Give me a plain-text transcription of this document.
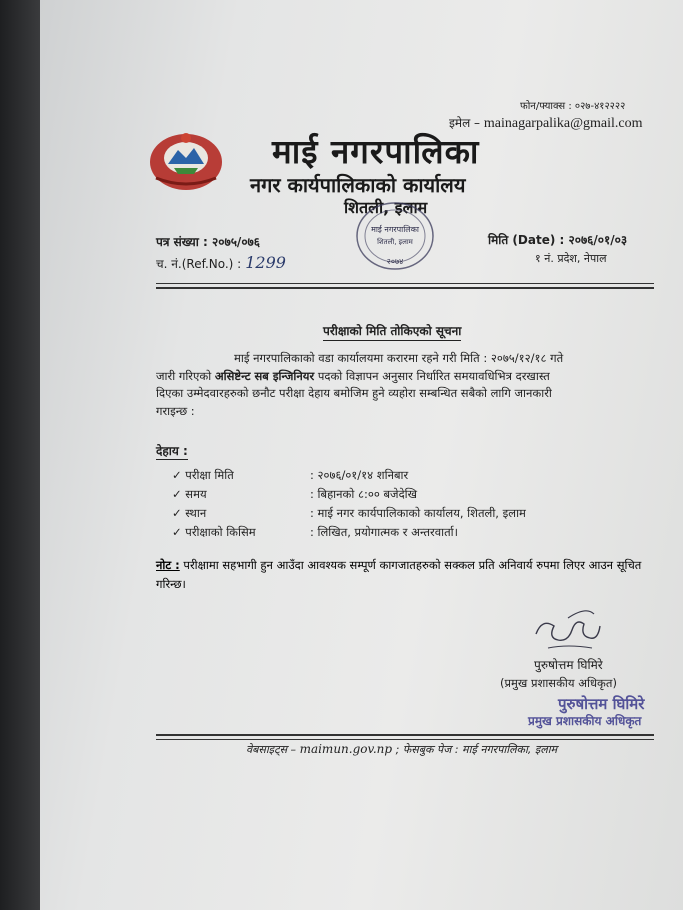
फोन/फ्याक्स : ०२७-४१२२२२
इमेल – mainagarpalika@gmail.com
माई नगरपालिका
नगर कार्यपालिकाको कार्यालय
शितली, इलाम
माई नगरपालिका
शितली, इलाम
२०७४
पत्र संख्या : २०७५/०७६
च. नं.(Ref.No.) : 1299
मिति (Date) : २०७६/०१/०३
१ नं. प्रदेश, नेपाल
परीक्षाको मिति तोकिएको सूचना

माई नगरपालिकाको वडा कार्यालयमा करारमा रहने गरी मिति : २०७५/१२/१८ गते

जारी गरिएको असिष्टेन्ट सब इन्जिनियर पदको विज्ञापन अनुसार निर्धारित समयावधिभित्र दरखास्त

दिएका उम्मेदवारहरुको छनौट परीक्षा देहाय बमोजिम हुने व्यहोरा सम्बन्धित सबैको लागि जानकारी

गराइन्छ :

देहाय :
✓ परीक्षा मिति	: २०७६/०१/१४ शनिबार
✓ समय	: बिहानको ८:०० बजेदेखि
✓ स्थान	: माई नगर कार्यपालिकाको कार्यालय, शितली, इलाम
✓ परीक्षाको किसिम	: लिखित, प्रयोगात्मक र अन्तरवार्ता।
नोट : परीक्षामा सहभागी हुन आउँदा आवश्यक सम्पूर्ण कागजातहरुको सक्कल प्रति अनिवार्य रुपमा लिएर आउन सूचित गरिन्छ।
पुरुषोत्तम घिमिरे
(प्रमुख प्रशासकीय अधिकृत)
पुरुषोत्तम घिमिरे
प्रमुख प्रशासकीय अधिकृत
वेबसाइट्स – maimun.gov.np ; फेसबुक पेज : माई नगरपालिका, इलाम
